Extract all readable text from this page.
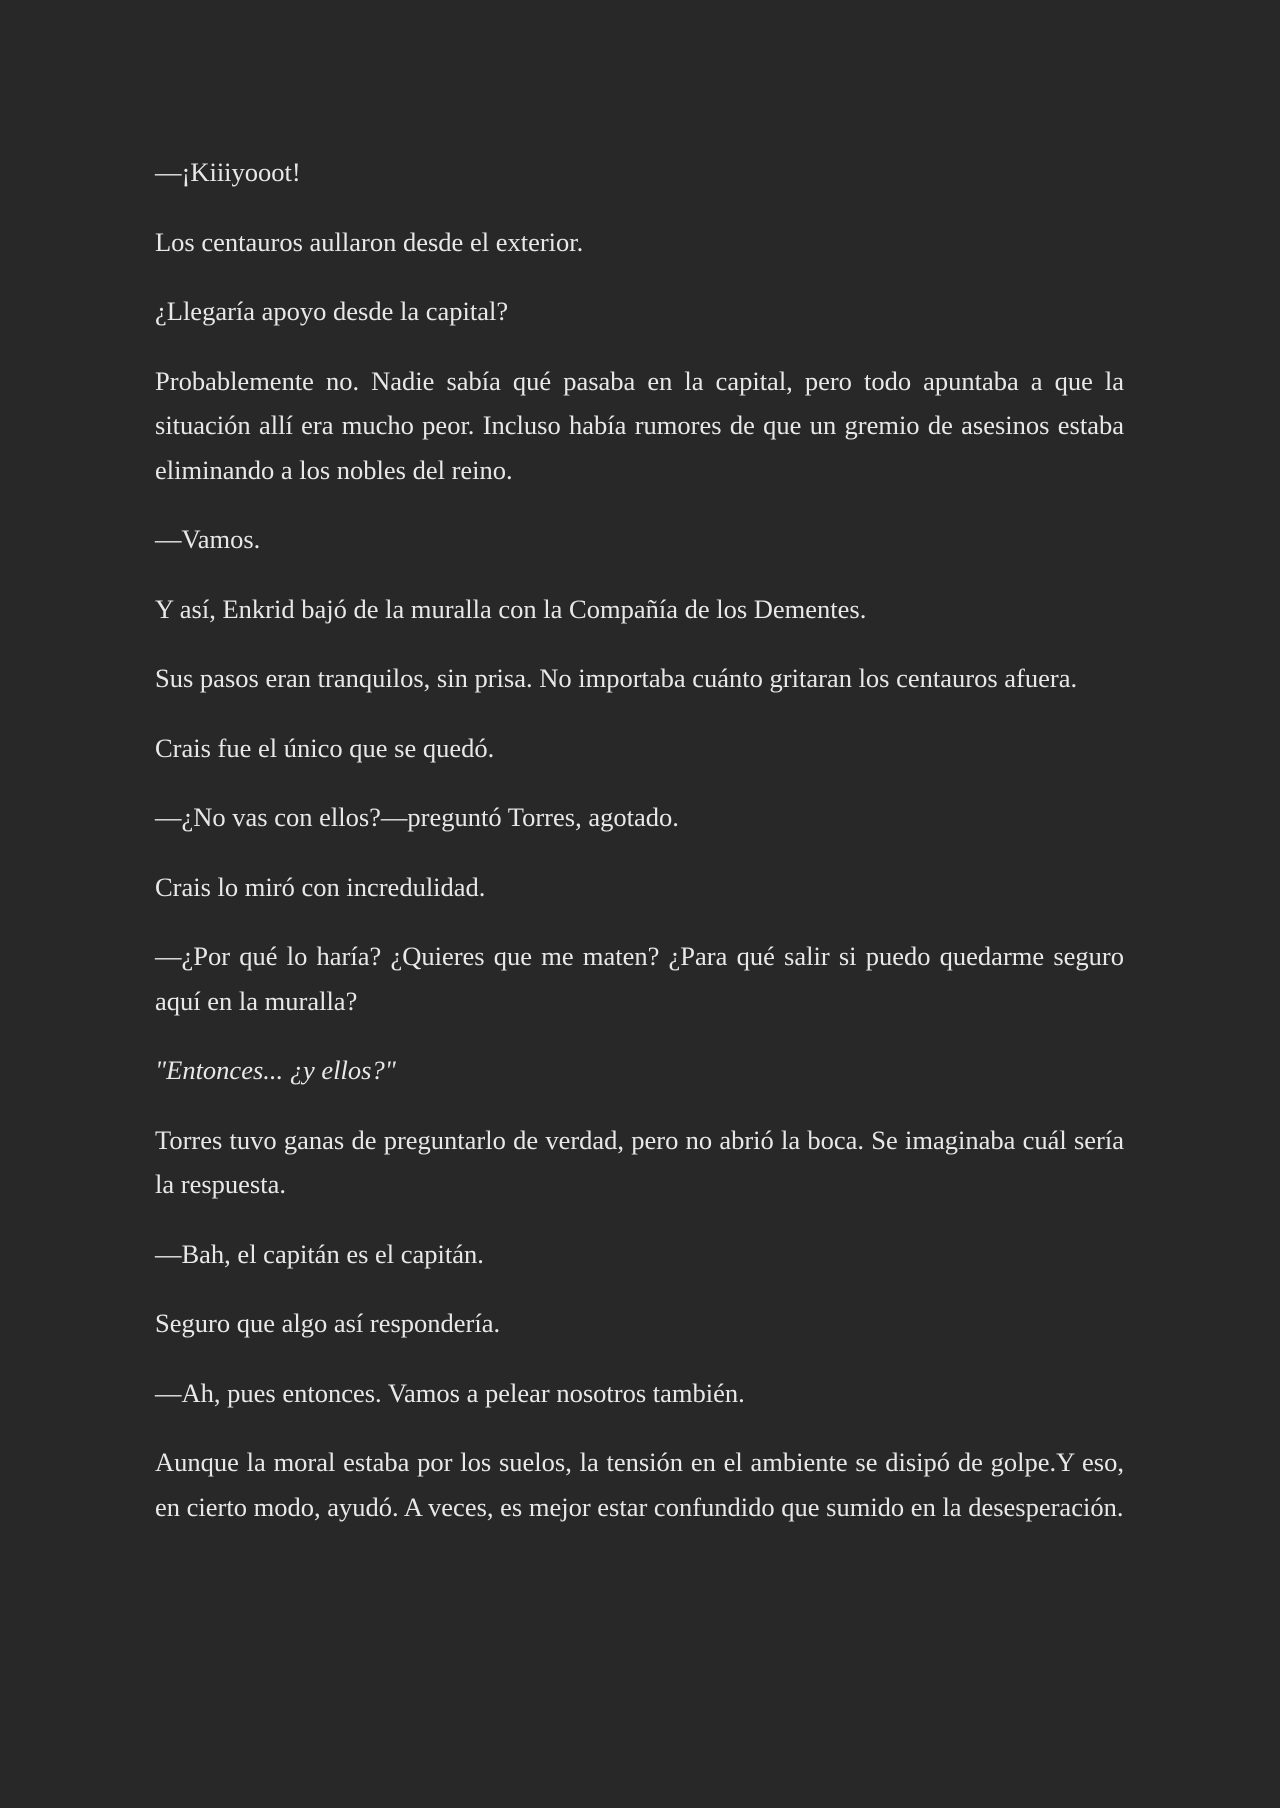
—¡Kiiiyooot!

Los centauros aullaron desde el exterior.

¿Llegaría apoyo desde la capital?

Probablemente no. Nadie sabía qué pasaba en la capital, pero todo apuntaba a que la situación allí era mucho peor. Incluso había rumores de que un gremio de asesinos estaba eliminando a los nobles del reino.

—Vamos.

Y así, Enkrid bajó de la muralla con la Compañía de los Dementes.

Sus pasos eran tranquilos, sin prisa. No importaba cuánto gritaran los centauros afuera.

Crais fue el único que se quedó.

—¿No vas con ellos?—preguntó Torres, agotado.

Crais lo miró con incredulidad.

—¿Por qué lo haría? ¿Quieres que me maten? ¿Para qué salir si puedo quedarme seguro aquí en la muralla?

"Entonces... ¿y ellos?"

Torres tuvo ganas de preguntarlo de verdad, pero no abrió la boca. Se imaginaba cuál sería la respuesta.

—Bah, el capitán es el capitán.

Seguro que algo así respondería.

—Ah, pues entonces. Vamos a pelear nosotros también.

Aunque la moral estaba por los suelos, la tensión en el ambiente se disipó de golpe.Y eso, en cierto modo, ayudó. A veces, es mejor estar confundido que sumido en la desesperación.
